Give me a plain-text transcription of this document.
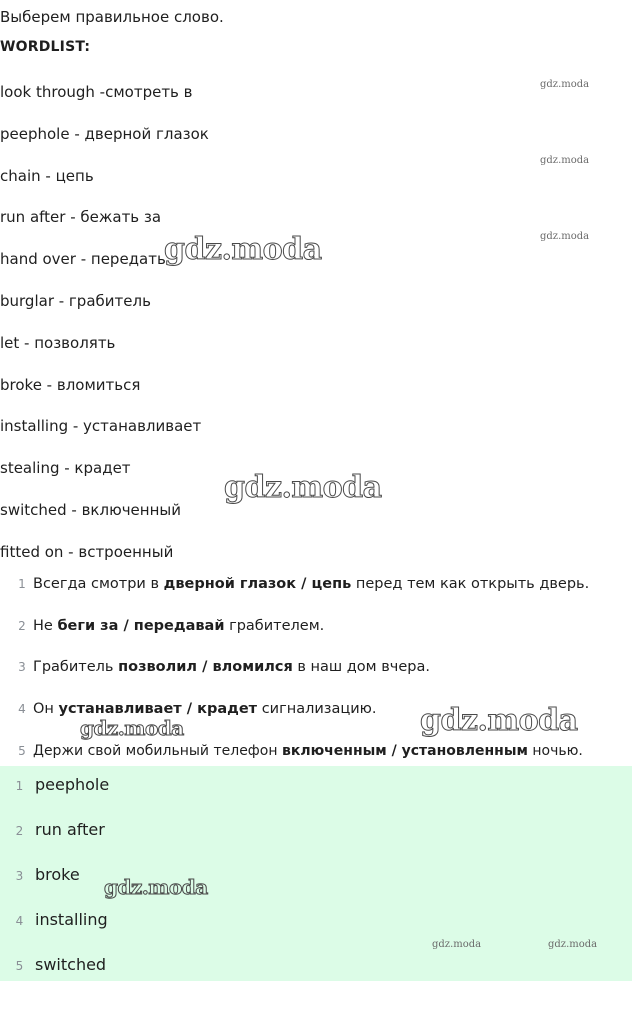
Выберем правильное слово.
WORDLIST:
look through -смотреть в
peephole - дверной глазок
chain - цепь
run after - бежать за
hand over - передать
burglar - грабитель
let - позволять
broke - вломиться
installing - устанавливает
stealing - крадет
switched - включенный
fitted on - встроенный
1 Всегда смотри в дверной глазок / цепь перед тем как открыть дверь.
2 Не беги за / передавай грабителем.
3 Грабитель позволил / вломился в наш дом вчера.
4 Он устанавливает / крадет сигнализацию.
5 Держи свой мобильный телефон включенным / установленным ночью.
1 peephole
2 run after
3 broke
4 installing
5 switched
gdz.moda
gdz.moda
gdz.moda
gdz.moda
gdz.moda
gdz.moda	gdz.moda
gdz.moda
gdz.moda	gdz.moda
